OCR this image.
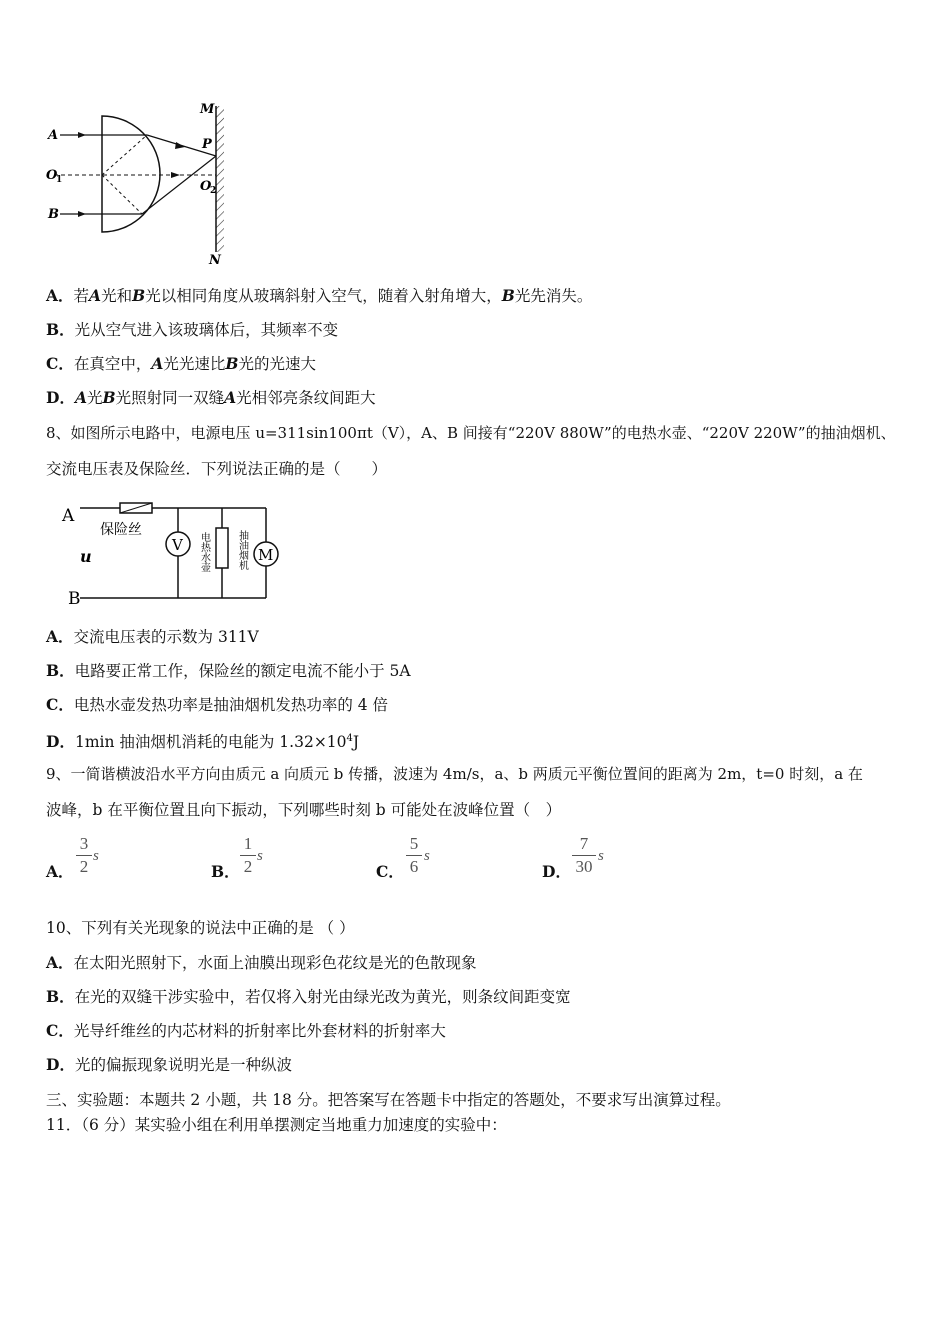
A
O
1
B
M
P
O
2
N
A．若A光和B光以相同角度从玻璃斜射入空气，随着入射角增大，B光先消失。
B．光从空气进入该玻璃体后，其频率不变
C．在真空中，A光光速比B光的光速大
D．A光B光照射同一双缝A光相邻亮条纹间距大
8、如图所示电路中，电源电压 u=311sin100πt（V），A、B 间接有“220V 880W”的电热水壶、“220V 220W”的抽油烟机、
交流电压表及保险丝．下列说法正确的是（　　）
V
M
A
B
u
保险丝
电热水壶	抽油烟机
A．交流电压表的示数为 311V
B．电路要正常工作，保险丝的额定电流不能小于 5A
C．电热水壶发热功率是抽油烟机发热功率的 4 倍
D．1min 抽油烟机消耗的电能为 $1.32\times 10^4J$
9、一简谐横波沿水平方向由质元 a 向质元 b 传播，波速为 4m/s，a、b 两质元平衡位置间的距离为 2m，t=0 时刻，a 在
波峰，b 在平衡位置且向下振动，下列哪些时刻 b 可能处在波峰位置（　）
A．
3
2
s
B．
1
2
s
C．
5
6
s
D．
7
30
s
10、下列有关光现象的说法中正确的是 （ ）
A．在太阳光照射下，水面上油膜出现彩色花纹是光的色散现象
B．在光的双缝干涉实验中，若仅将入射光由绿光改为黄光，则条纹间距变宽
C．光导纤维丝的内芯材料的折射率比外套材料的折射率大
D．光的偏振现象说明光是一种纵波
三、实验题：本题共 2 小题，共 18 分。把答案写在答题卡中指定的答题处，不要求写出演算过程。
11．（6 分）某实验小组在利用单摆测定当地重力加速度的实验中：
